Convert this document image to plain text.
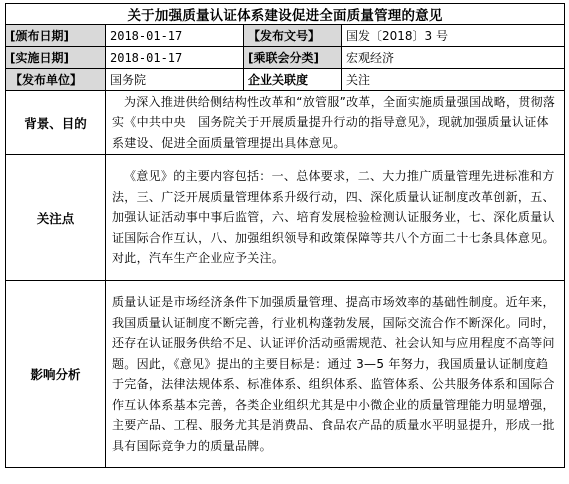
关于加强质量认证体系建设促进全面质量管理的意见			
[颁布日期]	2018-01-17	【发布文号】	国发〔2018〕3 号
[实施日期]	2018-01-17	[乘联会分类]	宏观经济
【发布单位】	国务院	企业关联度	关注
背景、目的	为深入推进供给侧结构性改革和“放管服”改革，全面实施质量强国战略，贯彻落实《中共中央　国务院关于开展质量提升行动的指导意见》，现就加强质量认证体系建设、促进全面质量管理提出具体意见。		
关注点	《意见》的主要内容包括：一、总体要求，二、大力推广质量管理先进标准和方法，三、广泛开展质量管理体系升级行动，四、深化质量认证制度改革创新，五、加强认证活动事中事后监管，六、培育发展检验检测认证服务业，七、深化质量认证国际合作互认，八、加强组织领导和政策保障等共八个方面二十七条具体意见。对此，汽车生产企业应予关注。		
影响分析	质量认证是市场经济条件下加强质量管理、提高市场效率的基础性制度。近年来，我国质量认证制度不断完善，行业机构蓬勃发展，国际交流合作不断深化。同时，还存在认证服务供给不足、认证评价活动亟需规范、社会认知与应用程度不高等问题。因此，《意见》提出的主要目标是：通过 3—5 年努力，我国质量认证制度趋于完备，法律法规体系、标准体系、组织体系、监管体系、公共服务体系和国际合作互认体系基本完善，各类企业组织尤其是中小微企业的质量管理能力明显增强，主要产品、工程、服务尤其是消费品、食品农产品的质量水平明显提升，形成一批具有国际竞争力的质量品牌。		
